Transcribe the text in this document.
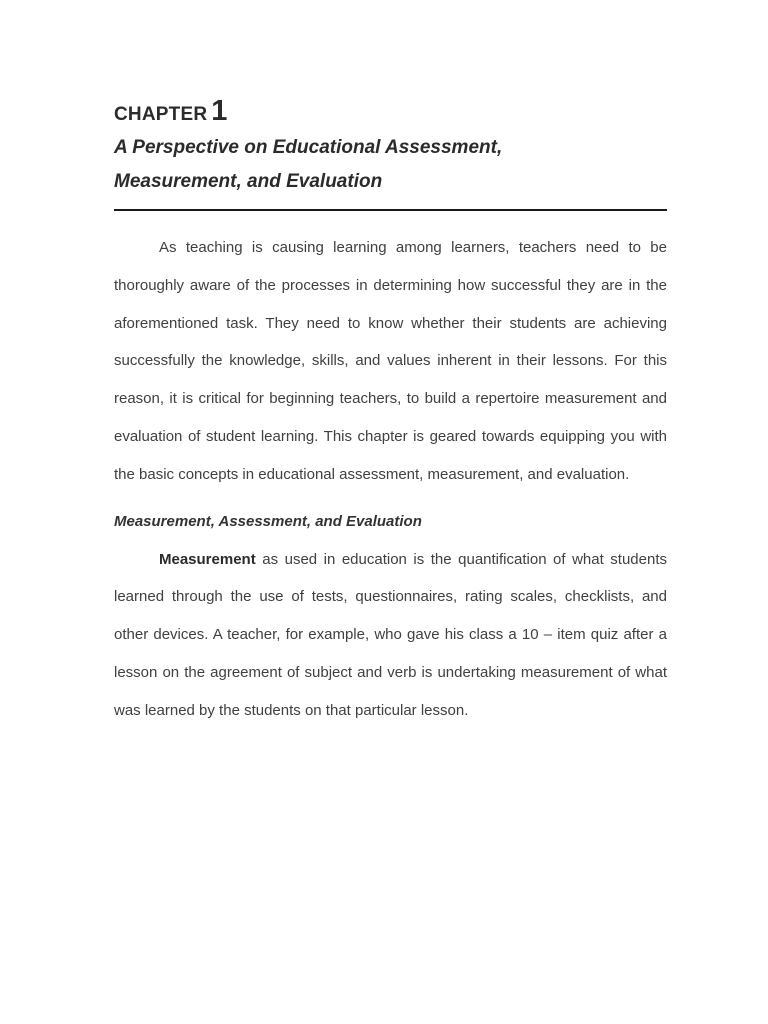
CHAPTER 1
A Perspective on Educational Assessment,
Measurement, and Evaluation

As teaching is causing learning among learners, teachers need to be thoroughly aware of the processes in determining how successful they are in the aforementioned task. They need to know whether their students are achieving successfully the knowledge, skills, and values inherent in their lessons. For this reason, it is critical for beginning teachers, to build a repertoire measurement and evaluation of student learning. This chapter is geared towards equipping you with the basic concepts in educational assessment, measurement, and evaluation.

Measurement, Assessment, and Evaluation

Measurement as used in education is the quantification of what students learned through the use of tests, questionnaires, rating scales, checklists, and other devices. A teacher, for example, who gave his class a 10 – item quiz after a lesson on the agreement of subject and verb is undertaking measurement of what was learned by the students on that particular lesson.
